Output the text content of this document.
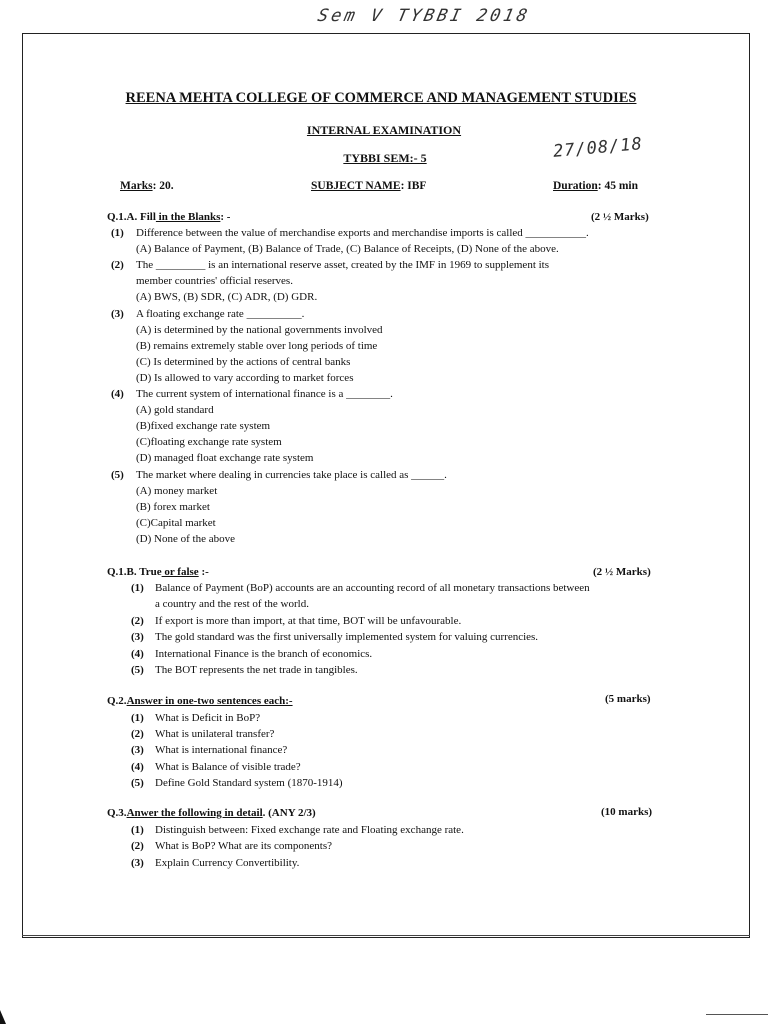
Sem V TYBBI 2018
REENA MEHTA COLLEGE OF COMMERCE AND MANAGEMENT STUDIES
INTERNAL EXAMINATION
TYBBI SEM:- 5	27/08/18
Marks: 20.	SUBJECT NAME: IBF	Duration: 45 min
Q.1.A. Fill in the Blanks: -	(2 ½ Marks)
(1) Difference between the value of merchandise exports and merchandise imports is called ___________.
(A) Balance of Payment, (B) Balance of Trade, (C) Balance of Receipts, (D) None of the above.
(2) The _________ is an international reserve asset, created by the IMF in 1969 to supplement its
member countries' official reserves.
(A) BWS, (B) SDR, (C) ADR, (D) GDR.
(3) A floating exchange rate __________.
(A) is determined by the national governments involved
(B) remains extremely stable over long periods of time
(C) Is determined by the actions of central banks
(D) Is allowed to vary according to market forces
(4) The current system of international finance is a ________.
(A) gold standard
(B)fixed exchange rate system
(C)floating exchange rate system
(D) managed float exchange rate system
(5) The market where dealing in currencies take place is called as ______.
(A) money market
(B) forex market
(C)Capital market
(D) None of the above
Q.1.B. True or false :-	(2 ½ Marks)
(1) Balance of Payment (BoP) accounts are an accounting record of all monetary transactions between
a country and the rest of the world.
(2) If export is more than import, at that time, BOT will be unfavourable.
(3) The gold standard was the first universally implemented system for valuing currencies.
(4) International Finance is the branch of economics.
(5) The BOT represents the net trade in tangibles.
Q.2.Answer in one-two sentences each:-	(5 marks)
(1) What is Deficit in BoP?
(2) What is unilateral transfer?
(3) What is international finance?
(4) What is Balance of visible trade?
(5) Define Gold Standard system (1870-1914)
Q.3.Anwer the following in detail. (ANY 2/3)	(10 marks)
(1) Distinguish between: Fixed exchange rate and Floating exchange rate.
(2) What is BoP? What are its components?
(3) Explain Currency Convertibility.
